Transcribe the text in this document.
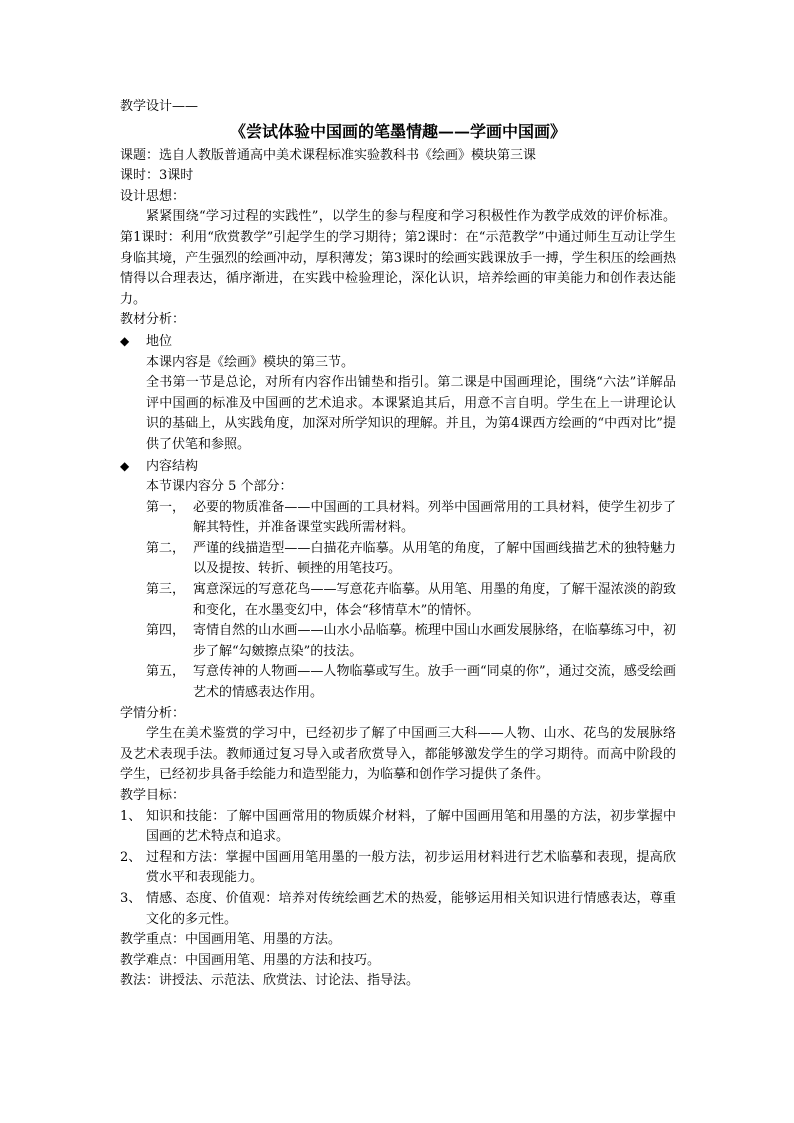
教学设计——
《尝试体验中国画的笔墨情趣——学画中国画》
课题：选自人教版普通高中美术课程标准实验教科书《绘画》模块第三课
课时：3课时
设计思想：
紧紧围绕“学习过程的实践性”，以学生的参与程度和学习积极性作为教学成效的评价标准。第1课时：利用“欣赏教学”引起学生的学习期待；第2课时：在“示范教学”中通过师生互动让学生身临其境，产生强烈的绘画冲动，厚积薄发；第3课时的绘画实践课放手一搏，学生积压的绘画热情得以合理表达，循序渐进，在实践中检验理论，深化认识，培养绘画的审美能力和创作表达能力。
教材分析：
◆	地位
本课内容是《绘画》模块的第三节。
全书第一节是总论，对所有内容作出铺垫和指引。第二课是中国画理论，围绕“六法”详解品评中国画的标准及中国画的艺术追求。本课紧追其后，用意不言自明。学生在上一讲理论认识的基础上，从实践角度，加深对所学知识的理解。并且，为第4课西方绘画的“中西对比”提供了伏笔和参照。
◆	内容结构
本节课内容分 5 个部分：
第一， 必要的物质准备——中国画的工具材料。列举中国画常用的工具材料，使学生初步了解其特性，并准备课堂实践所需材料。
第二， 严谨的线描造型——白描花卉临摹。从用笔的角度，了解中国画线描艺术的独特魅力以及提按、转折、顿挫的用笔技巧。
第三， 寓意深远的写意花鸟——写意花卉临摹。从用笔、用墨的角度，了解干湿浓淡的韵致和变化，在水墨变幻中，体会“移情草木”的情怀。
第四， 寄情自然的山水画——山水小品临摹。梳理中国山水画发展脉络，在临摹练习中，初步了解“勾皴擦点染”的技法。
第五， 写意传神的人物画——人物临摹或写生。放手一画“同桌的你”，通过交流，感受绘画艺术的情感表达作用。
学情分析：
学生在美术鉴赏的学习中，已经初步了解了中国画三大科——人物、山水、花鸟的发展脉络及艺术表现手法。教师通过复习导入或者欣赏导入，都能够激发学生的学习期待。而高中阶段的学生，已经初步具备手绘能力和造型能力，为临摹和创作学习提供了条件。
教学目标：
1、 知识和技能：了解中国画常用的物质媒介材料，了解中国画用笔和用墨的方法，初步掌握中国画的艺术特点和追求。
2、 过程和方法：掌握中国画用笔用墨的一般方法，初步运用材料进行艺术临摹和表现，提高欣赏水平和表现能力。
3、 情感、态度、价值观：培养对传统绘画艺术的热爱，能够运用相关知识进行情感表达，尊重文化的多元性。
教学重点：中国画用笔、用墨的方法。
教学难点：中国画用笔、用墨的方法和技巧。
教法：讲授法、示范法、欣赏法、讨论法、指导法。
